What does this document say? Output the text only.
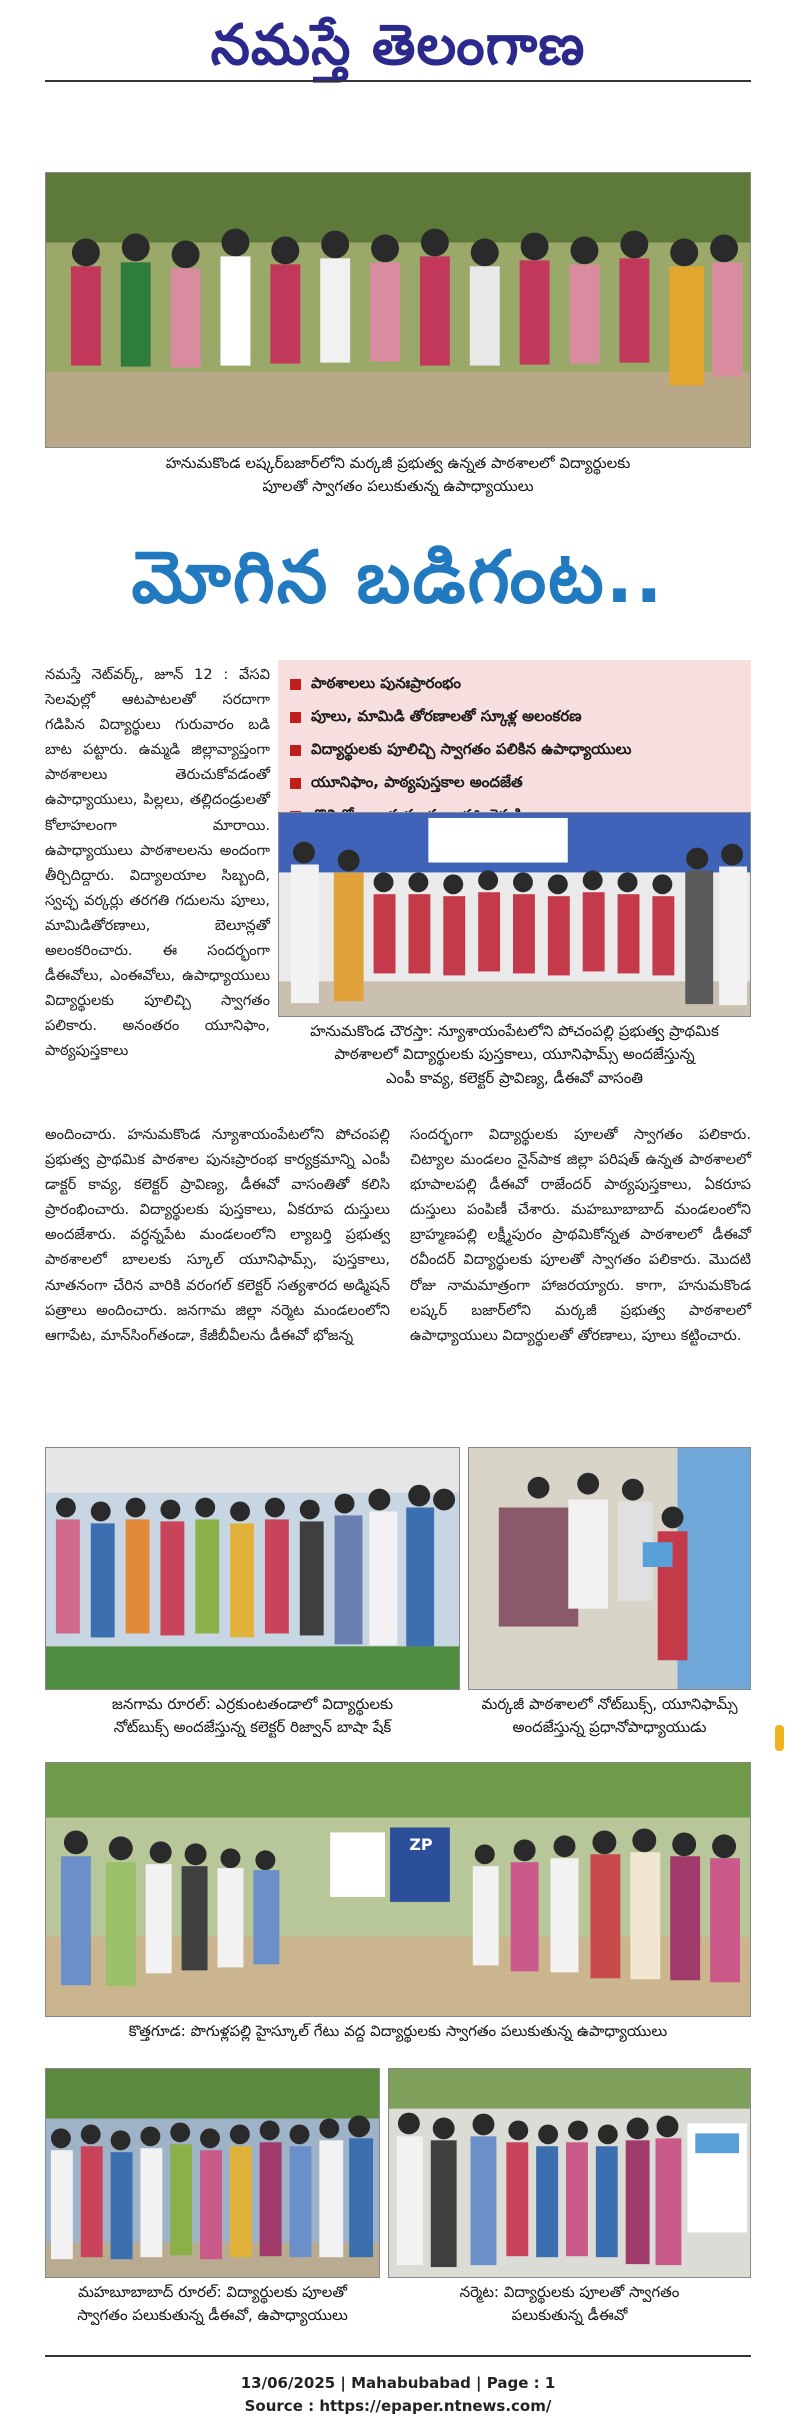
నమస్తే తెలంగాణ
హనుమకొండ లష్కర్‌బజార్‌లోని మర్కజీ ప్రభుత్వ ఉన్నత పాఠశాలలో విద్యార్థులకు
పూలతో స్వాగతం పలుకుతున్న ఉపాధ్యాయులు
మోగిన బడిగంట..
నమస్తే నెట్‌వర్క్, జూన్ 12 : వేసవి సెలవుల్లో ఆటపాటలతో సరదాగా గడిపిన విద్యార్థులు గురువారం బడి బాట పట్టారు. ఉమ్మడి జిల్లావ్యాప్తంగా పాఠశాలలు తెరుచుకోవడంతో ఉపాధ్యాయులు, పిల్లలు, తల్లిదండ్రులతో కోలాహలంగా మారాయి. ఉపాధ్యాయులు పాఠశాలలను అందంగా తీర్చిదిద్దారు. విద్యాలయాల సిబ్బంది, స్వచ్ఛ వర్కర్లు తరగతి గదులను పూలు, మామిడితోరణాలు, బెలూన్లతో అలంకరించారు. ఈ సందర్భంగా డీఈవోలు, ఎంఈవోలు, ఉపాధ్యాయులు విద్యార్థులకు పూలిచ్చి స్వాగతం పలికారు. అనంతరం యూనిఫాం, పాఠ్యపుస్తకాలు
పాఠశాలలు పునఃప్రారంభం
పూలు, మామిడి తోరణాలతో స్కూళ్ల అలంకరణ
విద్యార్థులకు పూలిచ్చి స్వాగతం పలికిన ఉపాధ్యాయులు
యూనిఫాం, పాఠ్యపుస్తకాల అందజేత
హనుమకొండ చౌరస్తా: న్యూశాయంపేటలోని పోచంపల్లి ప్రభుత్వ ప్రాథమిక
పాఠశాలలో విద్యార్థులకు పుస్తకాలు, యూనిఫామ్స్ అందజేస్తున్న
ఎంపీ కావ్య, కలెక్టర్ ప్రావిణ్య, డీఈవో వాసంతి
అందించారు. హనుమకొండ న్యూశాయంపేటలోని పోచంపల్లి ప్రభుత్వ ప్రాథమిక పాఠశాల పునఃప్రారంభ కార్యక్రమాన్ని ఎంపీ డాక్టర్ కావ్య, కలెక్టర్ ప్రావిణ్య, డీఈవో వాసంతితో కలిసి ప్రారంభించారు. విద్యార్థులకు పుస్తకాలు, ఏకరూప దుస్తులు అందజేశారు. వర్ధన్నపేట మండలంలోని ల్యాబర్తి ప్రభుత్వ పాఠశాలలో బాలలకు స్కూల్ యూనిఫామ్స్, పుస్తకాలు, నూతనంగా చేరిన వారికి వరంగల్ కలెక్టర్ సత్యశారద అడ్మిషన్ పత్రాలు అందించారు. జనగామ జిల్లా నర్మెట మండలంలోని ఆగాపేట, మాన్‌సింగ్‌తండా, కేజీబీవీలను డీఈవో భోజన్న
సందర్భంగా విద్యార్థులకు పూలతో స్వాగతం పలికారు. చిట్యాల మండలం నైన్‌పాక జిల్లా పరిషత్ ఉన్నత పాఠశాలలో భూపాలపల్లి డీఈవో రాజేందర్ పాఠ్యపుస్తకాలు, ఏకరూప దుస్తులు పంపిణీ చేశారు. మహబూబాబాద్ మండలంలోని బ్రాహ్మణపల్లి లక్ష్మీపురం ప్రాథమికోన్నత పాఠశాలలో డీఈవో రవీందర్ విద్యార్థులకు పూలతో స్వాగతం పలికారు. మొదటి రోజు నామమాత్రంగా హాజరయ్యారు. కాగా, హనుమకొండ లష్కర్ బజార్‌లోని మర్కజీ ప్రభుత్వ పాఠశాలలో ఉపాధ్యాయులు విద్యార్థులతో తోరణాలు, పూలు కట్టించారు.
జనగామ రూరల్: ఎర్రకుంటతండాలో విద్యార్థులకు
నోట్‌బుక్స్ అందజేస్తున్న కలెక్టర్ రిజ్వాన్ బాషా షేక్
మర్కజీ పాఠశాలలో నోట్‌బుక్స్, యూనిఫామ్స్
అందజేస్తున్న ప్రధానోపాధ్యాయుడు
ZP
కొత్తగూడ: పొగుళ్లపల్లి హైస్కూల్ గేటు వద్ద విద్యార్థులకు స్వాగతం పలుకుతున్న ఉపాధ్యాయులు
మహబూబాబాద్ రూరల్: విద్యార్థులకు పూలతో
స్వాగతం పలుకుతున్న డీఈవో, ఉపాధ్యాయులు
నర్మెట: విద్యార్థులకు పూలతో స్వాగతం
పలుకుతున్న డీఈవో
13/06/2025 | Mahabubabad | Page : 1
Source : https://epaper.ntnews.com/
